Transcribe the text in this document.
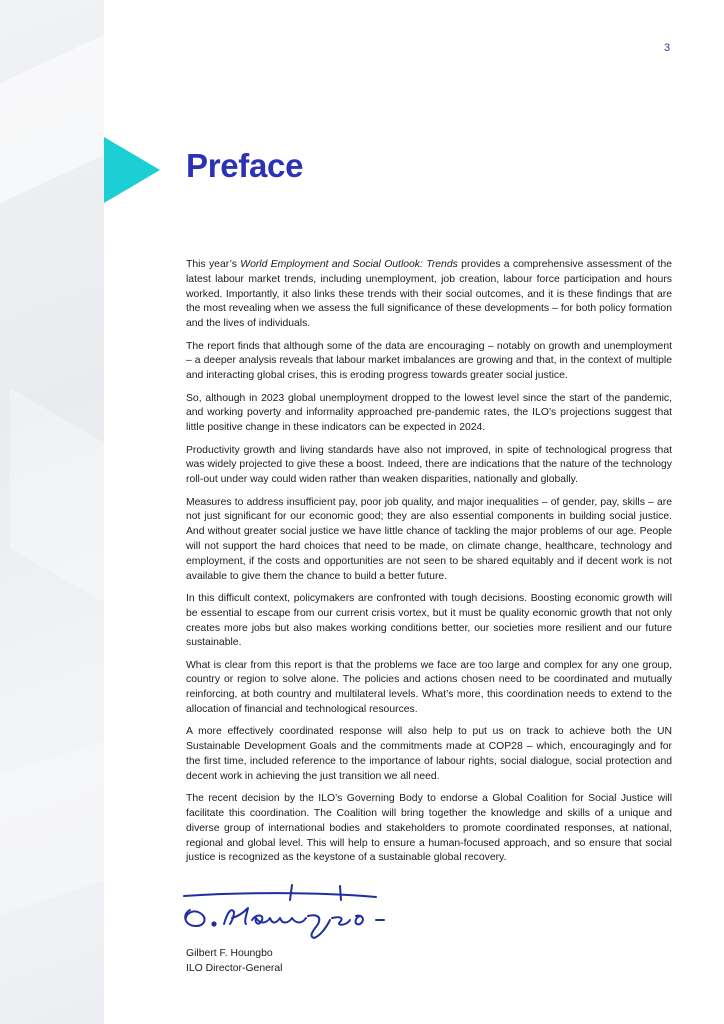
3
Preface

This year’s World Employment and Social Outlook: Trends provides a comprehensive assessment of the latest labour market trends, including unemployment, job creation, labour force participation and hours worked. Importantly, it also links these trends with their social outcomes, and it is these findings that are the most revealing when we assess the full significance of these developments – for both policy formation and the lives of individuals.

The report finds that although some of the data are encouraging – notably on growth and unemployment – a deeper analysis reveals that labour market imbalances are growing and that, in the context of multiple and interacting global crises, this is eroding progress towards greater social justice.

So, although in 2023 global unemployment dropped to the lowest level since the start of the pandemic, and working poverty and informality approached pre-pandemic rates, the ILO’s projections suggest that little positive change in these indicators can be expected in 2024.

Productivity growth and living standards have also not improved, in spite of technological progress that was widely projected to give these a boost. Indeed, there are indications that the nature of the technology roll-out under way could widen rather than weaken disparities, nationally and globally.

Measures to address insufficient pay, poor job quality, and major inequalities – of gender, pay, skills – are not just significant for our economic good; they are also essential components in building social justice. And without greater social justice we have little chance of tackling the major problems of our age. People will not support the hard choices that need to be made, on climate change, healthcare, technology and employment, if the costs and opportunities are not seen to be shared equitably and if decent work is not available to give them the chance to build a better future.

In this difficult context, policymakers are confronted with tough decisions. Boosting economic growth will be essential to escape from our current crisis vortex, but it must be quality economic growth that not only creates more jobs but also makes working conditions better, our societies more resilient and our future sustainable.

What is clear from this report is that the problems we face are too large and complex for any one group, country or region to solve alone. The policies and actions chosen need to be coordinated and mutually reinforcing, at both country and multilateral levels. What’s more, this coordination needs to extend to the allocation of financial and technological resources.

A more effectively coordinated response will also help to put us on track to achieve both the UN Sustainable Development Goals and the commitments made at COP28 – which, encouragingly and for the first time, included reference to the importance of labour rights, social dialogue, social protection and decent work in achieving the just transition we all need.

The recent decision by the ILO’s Governing Body to endorse a Global Coalition for Social Justice will facilitate this coordination. The Coalition will bring together the knowledge and skills of a unique and diverse group of international bodies and stakeholders to promote coordinated responses, at national, regional and global level. This will help to ensure a human-focused approach, and so ensure that social justice is recognized as the keystone of a sustainable global recovery.

Gilbert F. Houngbo
ILO Director-General
